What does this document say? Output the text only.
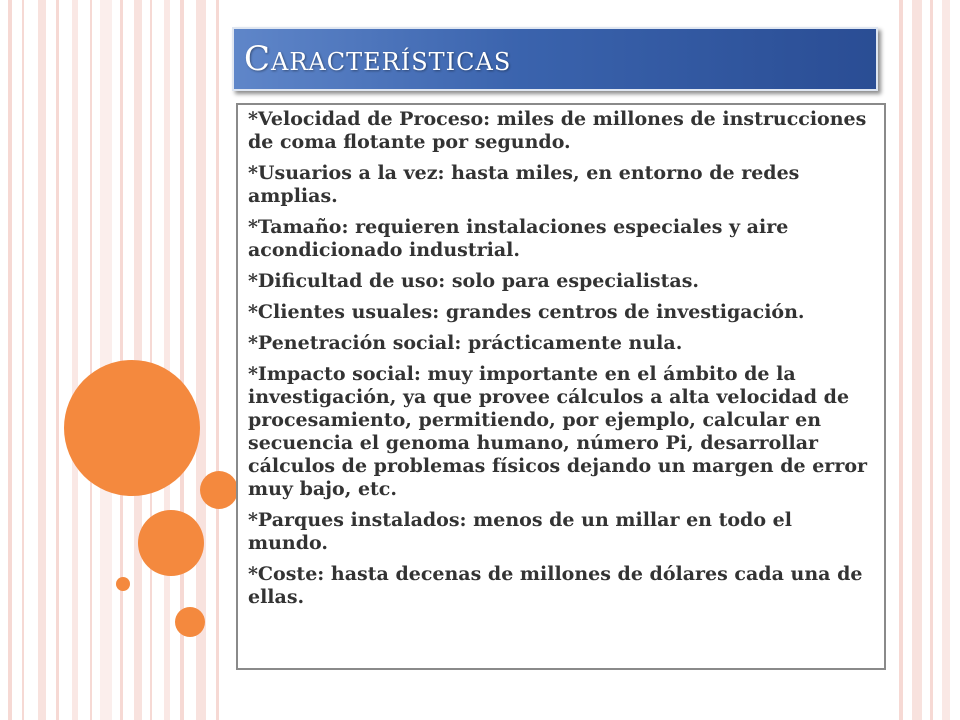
Características
*Velocidad de Proceso: miles de millones de instrucciones de coma flotante por segundo.
*Usuarios a la vez: hasta miles, en entorno de redes amplias.
*Tamaño: requieren instalaciones especiales y aire acondicionado industrial.
*Dificultad de uso: solo para especialistas.
*Clientes usuales: grandes centros de investigación.
*Penetración social: prácticamente nula.
*Impacto social: muy importante en el ámbito de la investigación, ya que provee cálculos a alta velocidad de procesamiento, permitiendo, por ejemplo, calcular en secuencia el genoma humano, número Pi, desarrollar cálculos de problemas físicos dejando un margen de error muy bajo, etc.
*Parques instalados: menos de un millar en todo el mundo.
*Coste: hasta decenas de millones de dólares cada una de ellas.
